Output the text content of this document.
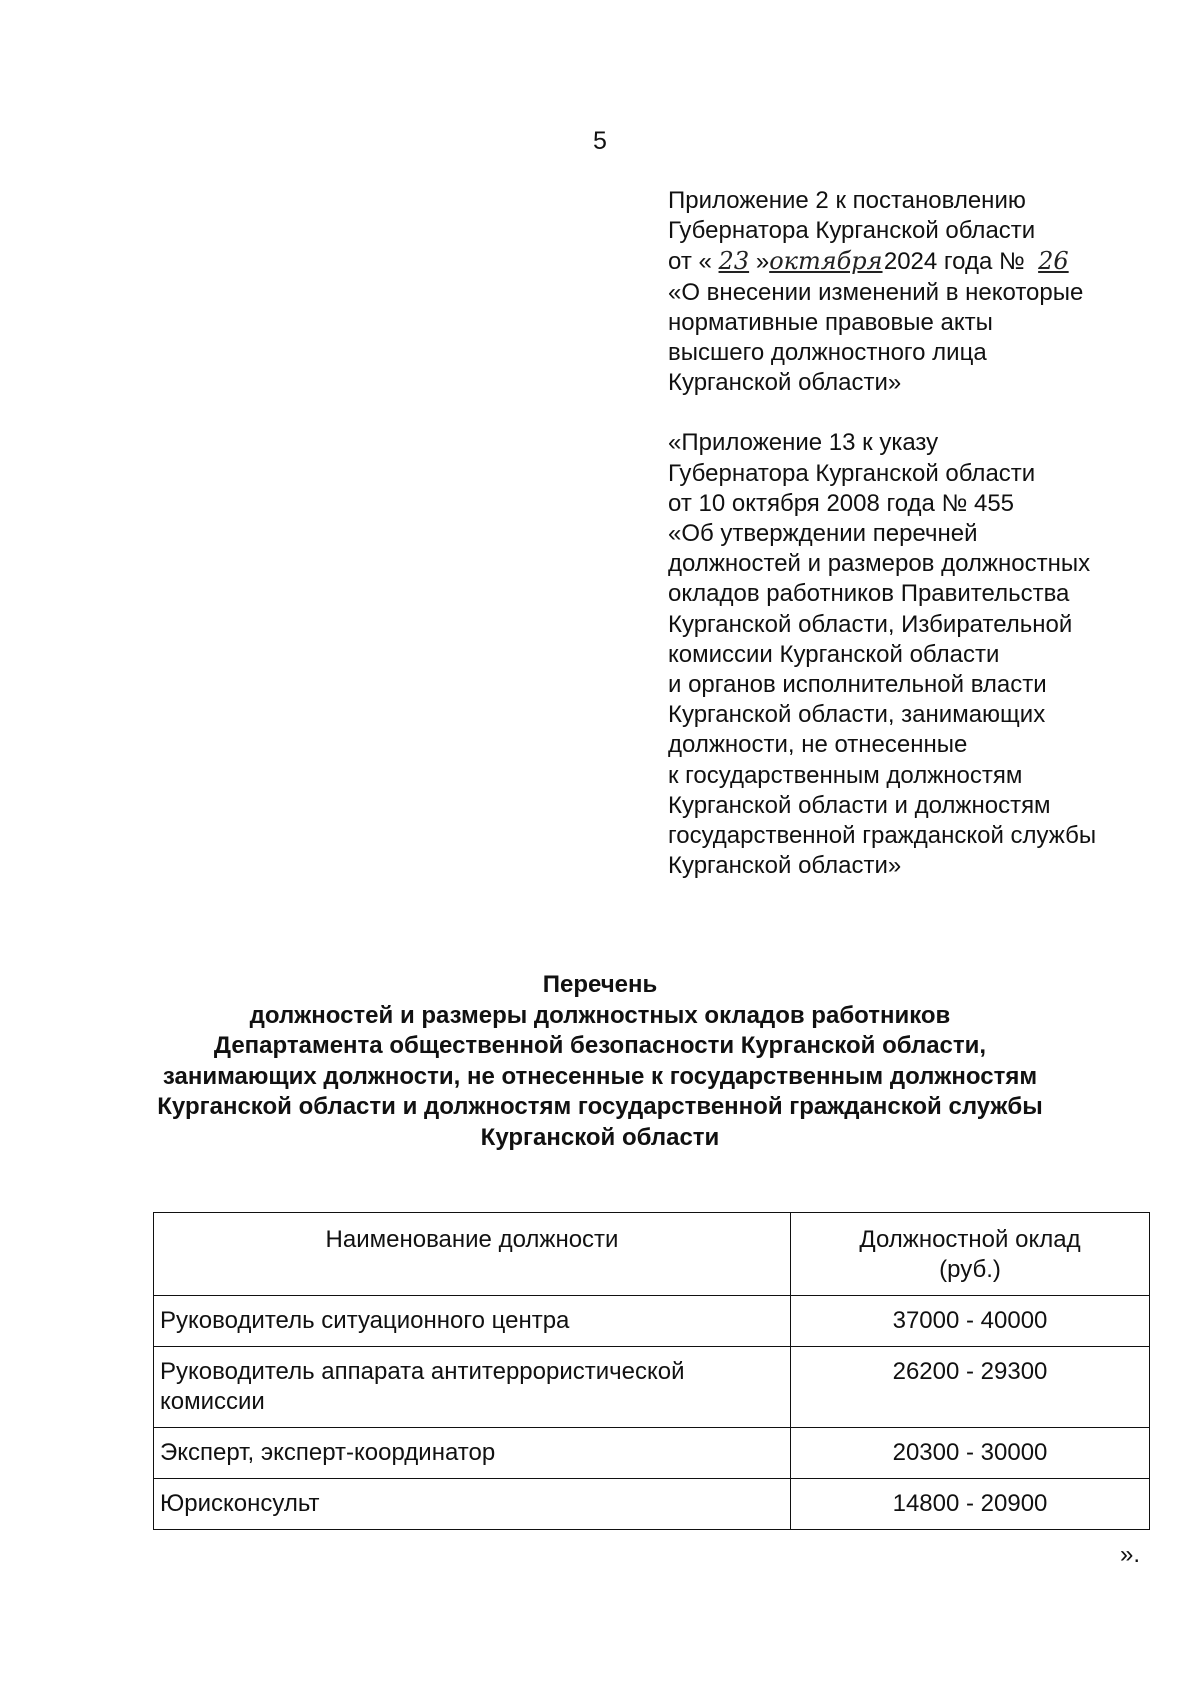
5
Приложение 2 к постановлению
Губернатора Курганской области
от « 23 »октября 2024 года № 26
«О внесении изменений в некоторые
нормативные правовые акты
высшего должностного лица
Курганской области»
«Приложение 13 к указу
Губернатора Курганской области
от 10 октября 2008 года № 455
«Об утверждении перечней
должностей и размеров должностных
окладов работников Правительства
Курганской области, Избирательной
комиссии Курганской области
и органов исполнительной власти
Курганской области, занимающих
должности, не отнесенные
к государственным должностям
Курганской области и должностям
государственной гражданской службы
Курганской области»
Перечень
должностей и размеры должностных окладов работников
Департамента общественной безопасности Курганской области,
занимающих должности, не отнесенные к государственным должностям
Курганской области и должностям государственной гражданской службы
Курганской области
Наименование должности	Должностной оклад
(руб.)

Руководитель ситуационного центра	37000 - 40000
Руководитель аппарата антитеррористической комиссии	26200 - 29300
Эксперт, эксперт-координатор	20300 - 30000
Юрисконсульт	14800 - 20900
».
